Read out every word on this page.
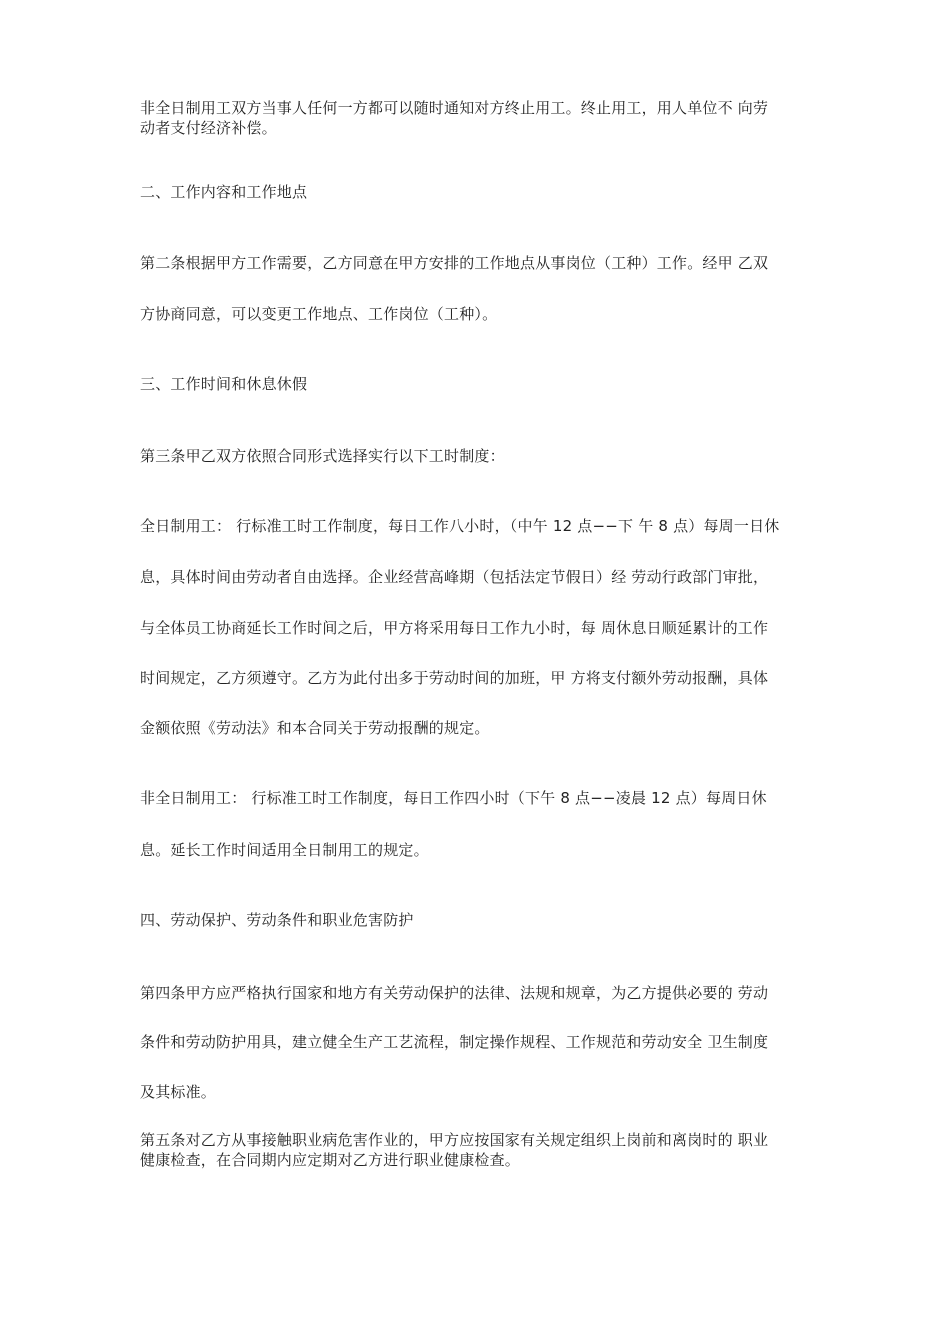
非全日制用工双方当事人任何一方都可以随时通知对方终止用工。终止用工，用人单位不 向劳
动者支付经济补偿。
二、工作内容和工作地点
第二条根据甲方工作需要，乙方同意在甲方安排的工作地点从事岗位（工种）工作。经甲 乙双
方协商同意，可以变更工作地点、工作岗位（工种）。
三、工作时间和休息休假
第三条甲乙双方依照合同形式选择实行以下工时制度：
全日制用工： 行标准工时工作制度，每日工作八小时，（中午 12 点−−下 午 8 点）每周一日休
息，具体时间由劳动者自由选择。企业经营高峰期（包括法定节假日）经 劳动行政部门审批，
与全体员工协商延长工作时间之后，甲方将采用每日工作九小时，每 周休息日顺延累计的工作
时间规定，乙方须遵守。乙方为此付出多于劳动时间的加班，甲 方将支付额外劳动报酬，具体
金额依照《劳动法》和本合同关于劳动报酬的规定。
非全日制用工： 行标准工时工作制度，每日工作四小时（下午 8 点−−凌晨 12 点）每周日休
息。延长工作时间适用全日制用工的规定。
四、劳动保护、劳动条件和职业危害防护
第四条甲方应严格执行国家和地方有关劳动保护的法律、法规和规章，为乙方提供必要的 劳动
条件和劳动防护用具，建立健全生产工艺流程，制定操作规程、工作规范和劳动安全 卫生制度
及其标准。
第五条对乙方从事接触职业病危害作业的，甲方应按国家有关规定组织上岗前和离岗时的 职业
健康检查，在合同期内应定期对乙方进行职业健康检查。
